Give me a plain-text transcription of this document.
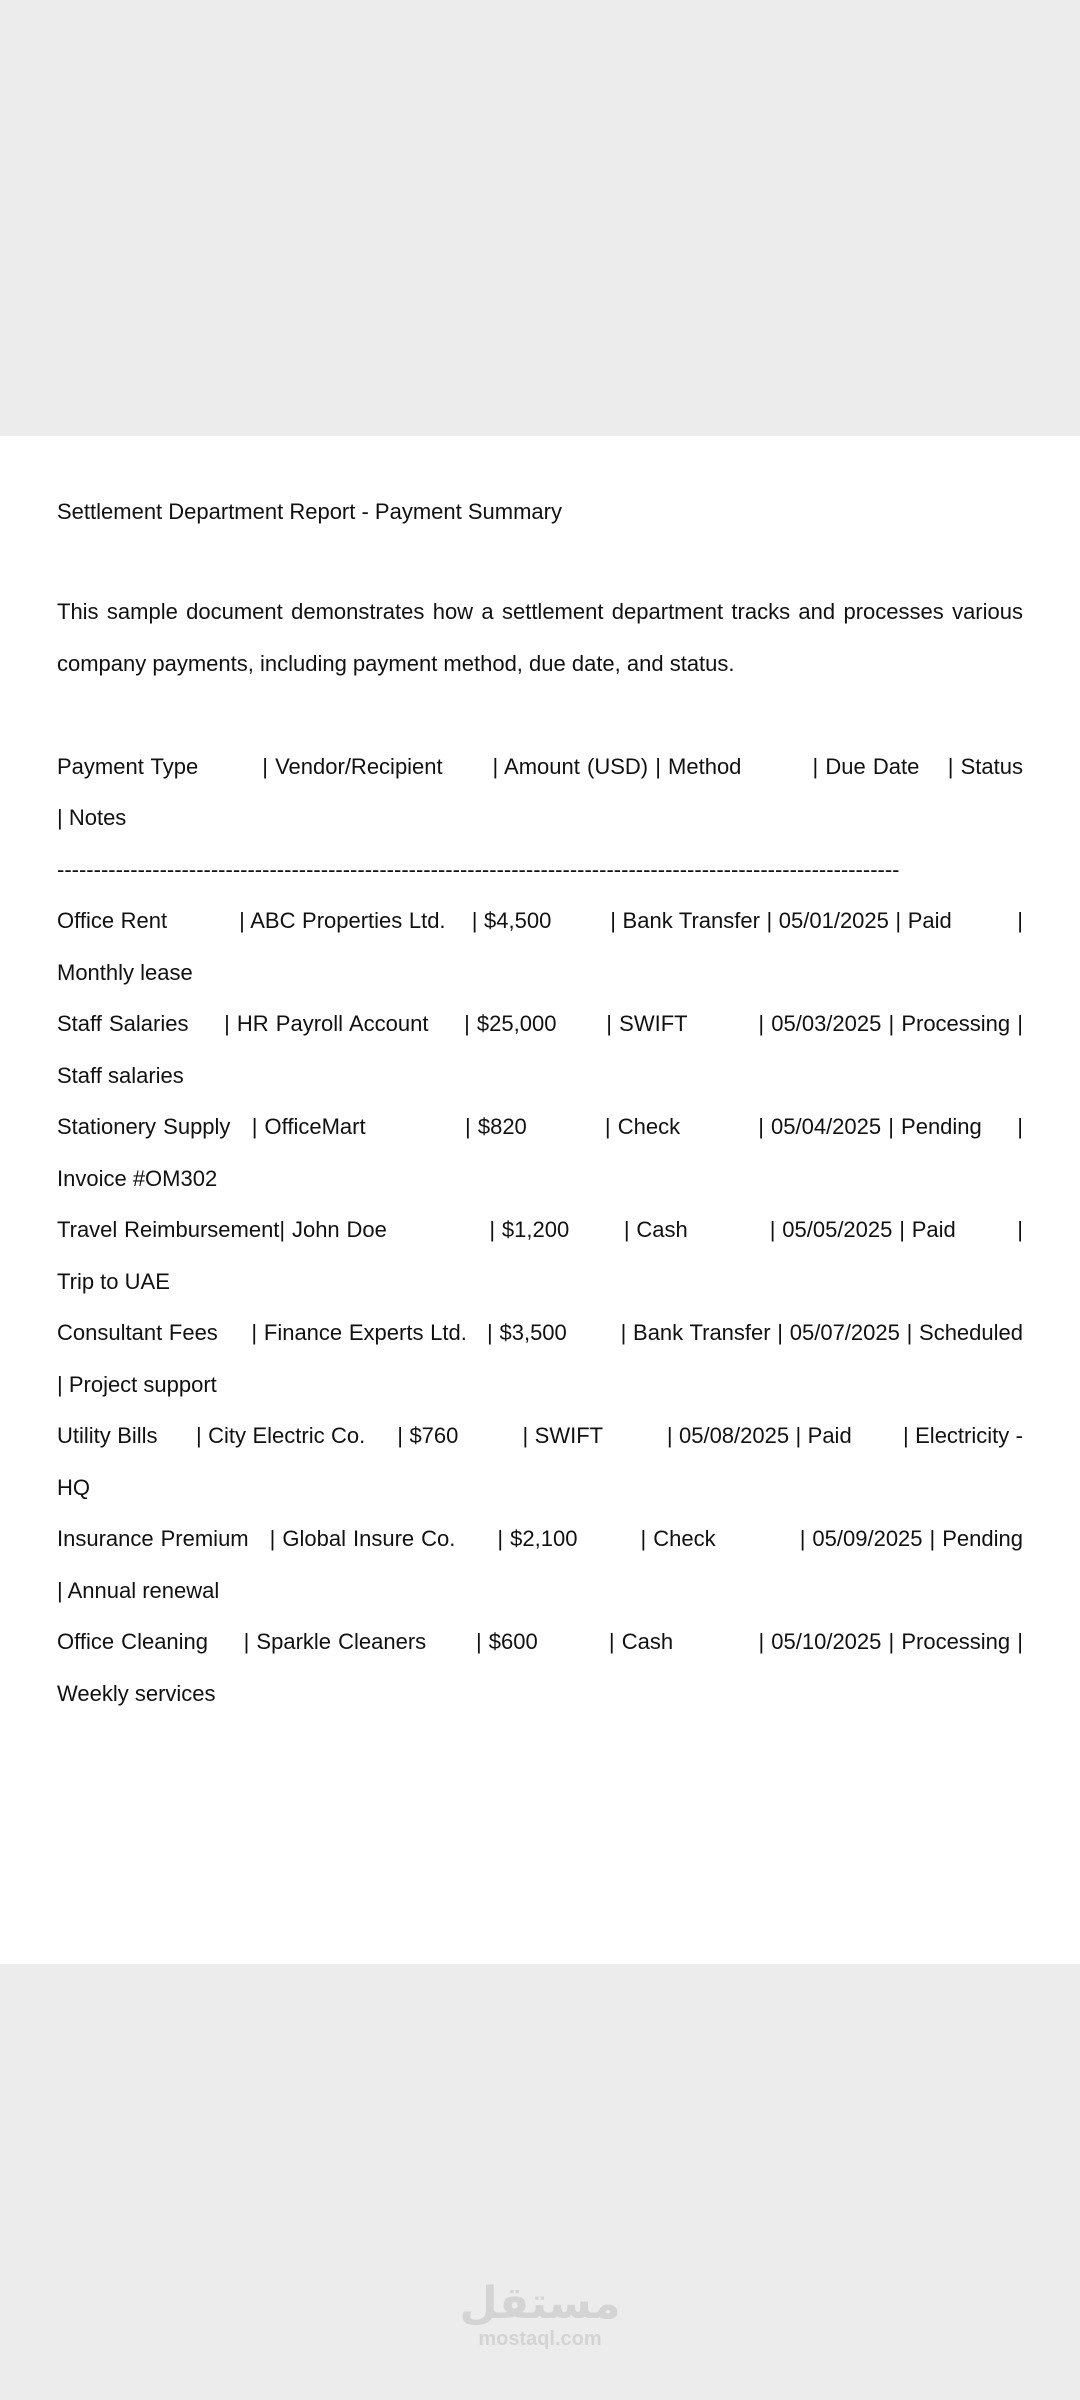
Settlement Department Report - Payment Summary

This sample document demonstrates how a settlement department tracks and processes various company payments, including payment method, due date, and status.

Payment Type         | Vendor/Recipient       | Amount (USD) | Method          | Due Date    | Status       | Notes

-------------------------------------------------------------------------------------------------------------------

Office Rent           | ABC Properties Ltd.    | $4,500         | Bank Transfer | 05/01/2025 | Paid          | Monthly lease

Staff Salaries     | HR Payroll Account     | $25,000       | SWIFT          | 05/03/2025 | Processing | Staff salaries

Stationery Supply   | OfficeMart              | $820           | Check           | 05/04/2025 | Pending     | Invoice #OM302

Travel Reimbursement| John Doe               | $1,200        | Cash            | 05/05/2025 | Paid         | Trip to UAE

Consultant Fees     | Finance Experts Ltd.   | $3,500        | Bank Transfer | 05/07/2025 | Scheduled   | Project support

Utility Bills      | City Electric Co.     | $760          | SWIFT          | 05/08/2025 | Paid        | Electricity - HQ

Insurance Premium   | Global Insure Co.      | $2,100         | Check            | 05/09/2025 | Pending      | Annual renewal

Office Cleaning     | Sparkle Cleaners       | $600          | Cash            | 05/10/2025 | Processing | Weekly services

مستقل
mostaql.com
